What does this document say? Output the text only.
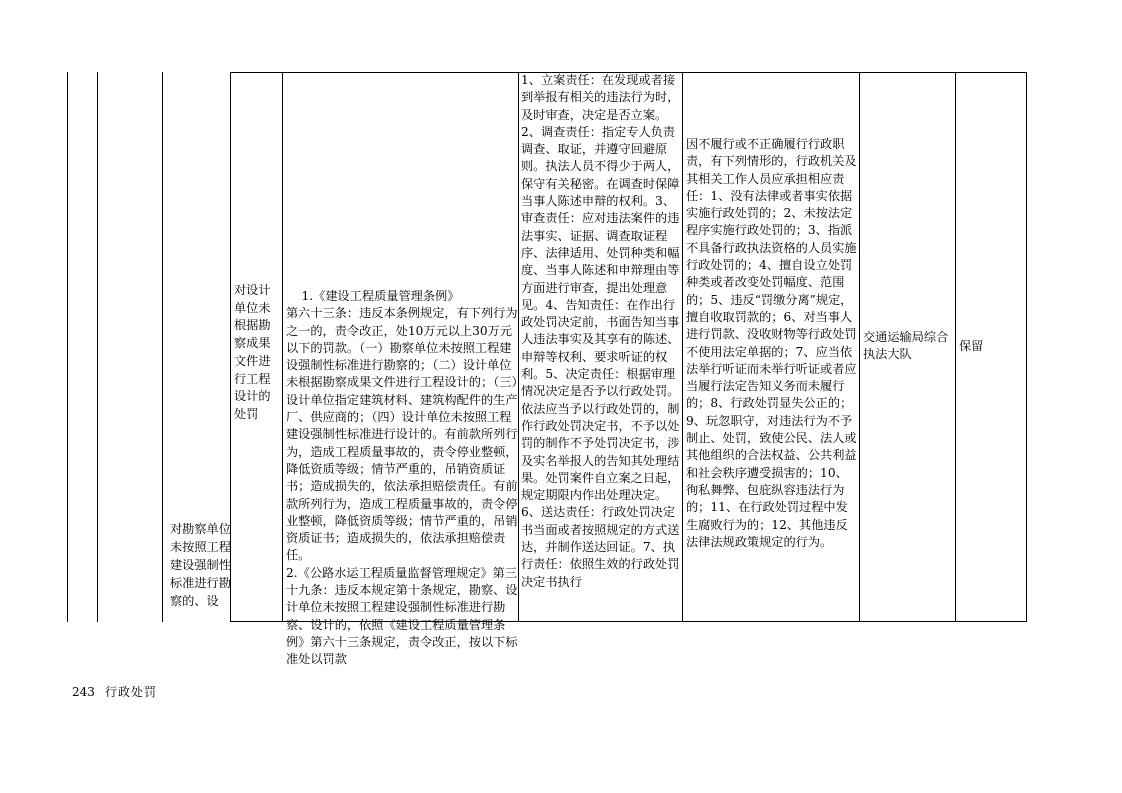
243 行政处罚
对勘察单位未按照工程建设强制性标准进行勘察的、设
对设计单位未根据勘察成果文件进行工程设计的处罚
1.《建设工程质量管理条例》
第六十三条：违反本条例规定，有下列行为之一的，责令改正，处10万元以上30万元以下的罚款。（一）勘察单位未按照工程建设强制性标准进行勘察的；（二）设计单位未根据勘察成果文件进行工程设计的；（三）设计单位指定建筑材料、建筑构配件的生产厂、供应商的；（四）设计单位未按照工程建设强制性标准进行设计的。有前款所列行为，造成工程质量事故的，责令停业整顿，降低资质等级；情节严重的，吊销资质证书；造成损失的，依法承担赔偿责任。有前款所列行为，造成工程质量事故的，责令停业整顿，降低资质等级；情节严重的，吊销资质证书；造成损失的，依法承担赔偿责任。
2.《公路水运工程质量监督管理规定》第三十九条：违反本规定第十条规定，勘察、设计单位未按照工程建设强制性标准进行勘察、设计的，依照《建设工程质量管理条例》第六十三条规定，责令改正，按以下标准处以罚款
1、立案责任：在发现或者接到举报有相关的违法行为时，及时审查，决定是否立案。2、调查责任：指定专人负责调查、取证，并遵守回避原则。执法人员不得少于两人，保守有关秘密。在调查时保障当事人陈述申辩的权利。3、审查责任：应对违法案件的违法事实、证据、调查取证程序、法律适用、处罚种类和幅度、当事人陈述和申辩理由等方面进行审查，提出处理意见。4、告知责任：在作出行政处罚决定前，书面告知当事人违法事实及其享有的陈述、申辩等权利、要求听证的权利。5、决定责任：根据审理情况决定是否予以行政处罚。依法应当予以行政处罚的，制作行政处罚决定书，不予以处罚的制作不予处罚决定书，涉及实名举报人的告知其处理结果。处罚案件自立案之日起，规定期限内作出处理决定。
6、送达责任：行政处罚决定书当面或者按照规定的方式送达，并制作送达回证。7、执行责任：依照生效的行政处罚决定书执行
因不履行或不正确履行行政职责，有下列情形的，行政机关及其相关工作人员应承担相应责任：1、没有法律或者事实依据实施行政处罚的；2、未按法定程序实施行政处罚的；3、指派不具备行政执法资格的人员实施行政处罚的；4、擅自设立处罚种类或者改变处罚幅度、范围的；5、违反“罚缴分离”规定，擅自收取罚款的；6、对当事人进行罚款、没收财物等行政处罚不使用法定单据的；7、应当依法举行听证而未举行听证或者应当履行法定告知义务而未履行的；8、行政处罚显失公正的；9、玩忽职守，对违法行为不予制止、处罚，致使公民、法人或其他组织的合法权益、公共利益和社会秩序遭受损害的；10、徇私舞弊、包庇纵容违法行为的；11、在行政处罚过程中发生腐败行为的；12、其他违反法律法规政策规定的行为。
交通运输局综合执法大队
保留
